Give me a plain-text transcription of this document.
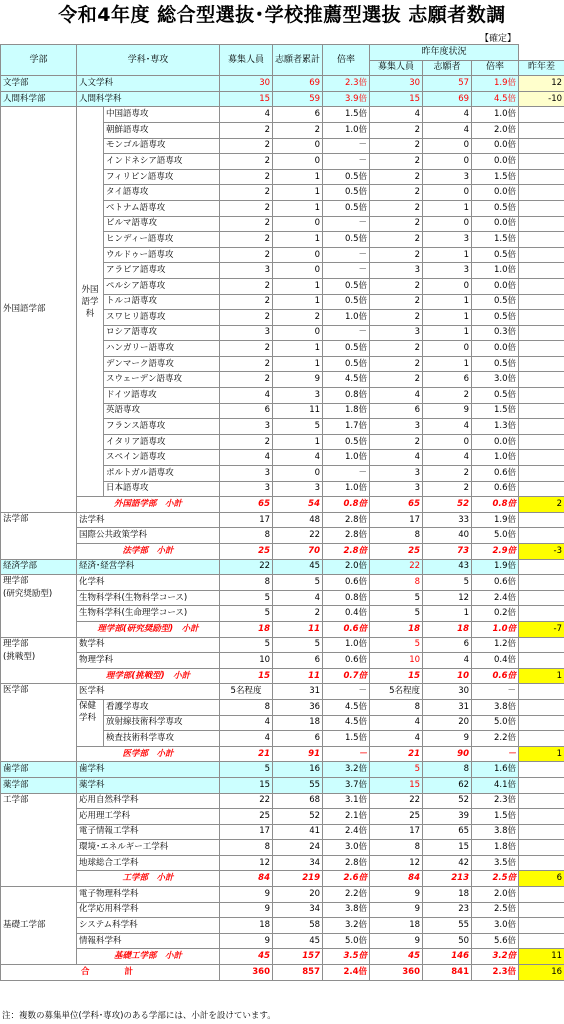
令和4年度 総合型選抜･学校推薦型選抜 志願者数調
【確定】
学部	学科･専攻		募集人員	志願者累計	倍率	昨年度状況			
						募集人員	志願者	倍率	昨年差
文学部	人文学科		30	69	2.3倍	30	57	1.9倍	12
人間科学部	人間科学科		15	59	3.9倍	15	69	4.5倍	-10
外国語学部	外国語学科	中国語専攻	4	6	1.5倍	4	4	1.0倍	
		朝鮮語専攻	2	2	1.0倍	2	4	2.0倍	
		モンゴル語専攻	2	0	－	2	0	0.0倍	
		インドネシア語専攻	2	0	－	2	0	0.0倍	
		フィリピン語専攻	2	1	0.5倍	2	3	1.5倍	
		タイ語専攻	2	1	0.5倍	2	0	0.0倍	
		ベトナム語専攻	2	1	0.5倍	2	1	0.5倍	
		ビルマ語専攻	2	0	－	2	0	0.0倍	
		ヒンディー語専攻	2	1	0.5倍	2	3	1.5倍	
		ウルドゥー語専攻	2	0	－	2	1	0.5倍	
		アラビア語専攻	3	0	－	3	3	1.0倍	
		ペルシア語専攻	2	1	0.5倍	2	0	0.0倍	
		トルコ語専攻	2	1	0.5倍	2	1	0.5倍	
		スワヒリ語専攻	2	2	1.0倍	2	1	0.5倍	
		ロシア語専攻	3	0	－	3	1	0.3倍	
		ハンガリー語専攻	2	1	0.5倍	2	0	0.0倍	
		デンマーク語専攻	2	1	0.5倍	2	1	0.5倍	
		スウェーデン語専攻	2	9	4.5倍	2	6	3.0倍	
		ドイツ語専攻	4	3	0.8倍	4	2	0.5倍	
		英語専攻	6	11	1.8倍	6	9	1.5倍	
		フランス語専攻	3	5	1.7倍	3	4	1.3倍	
		イタリア語専攻	2	1	0.5倍	2	0	0.0倍	
		スペイン語専攻	4	4	1.0倍	4	4	1.0倍	
		ポルトガル語専攻	3	0	－	3	2	0.6倍	
		日本語専攻	3	3	1.0倍	3	2	0.6倍	
	外国語学部　小計		65	54	0.8倍	65	52	0.8倍	2
法学部	法学科		17	48	2.8倍	17	33	1.9倍	
	国際公共政策学科		8	22	2.8倍	8	40	5.0倍	
	法学部　小計		25	70	2.8倍	25	73	2.9倍	-3
経済学部	経済･経営学科		22	45	2.0倍	22	43	1.9倍	
理学部
(研究奨励型)	化学科		8	5	0.6倍	8	5	0.6倍	
	生物科学科(生物科学コース)		5	4	0.8倍	5	12	2.4倍	
	生物科学科(生命理学コース)		5	2	0.4倍	5	1	0.2倍	
	理学部(研究奨励型)　小計		18	11	0.6倍	18	18	1.0倍	-7
理学部
(挑戦型)	数学科		5	5	1.0倍	5	6	1.2倍	
	物理学科		10	6	0.6倍	10	4	0.4倍	
	理学部(挑戦型)　小計		15	11	0.7倍	15	10	0.6倍	1
医学部	医学科		5名程度	31	－	5名程度	30	－	
	保健学科	看護学専攻	8	36	4.5倍	8	31	3.8倍	
		放射線技術科学専攻	4	18	4.5倍	4	20	5.0倍	
		検査技術科学専攻	4	6	1.5倍	4	9	2.2倍	
	医学部　小計		21	91	－	21	90	－	1
歯学部	歯学科		5	16	3.2倍	5	8	1.6倍	
薬学部	薬学科		15	55	3.7倍	15	62	4.1倍	
工学部	応用自然科学科		22	68	3.1倍	22	52	2.3倍	
	応用理工学科		25	52	2.1倍	25	39	1.5倍	
	電子情報工学科		17	41	2.4倍	17	65	3.8倍	
	環境･エネルギー工学科		8	24	3.0倍	8	15	1.8倍	
	地球総合工学科		12	34	2.8倍	12	42	3.5倍	
	工学部　小計		84	219	2.6倍	84	213	2.5倍	6
基礎工学部	電子物理科学科		9	20	2.2倍	9	18	2.0倍	
	化学応用科学科		9	34	3.8倍	9	23	2.5倍	
	システム科学科		18	58	3.2倍	18	55	3.0倍	
	情報科学科		9	45	5.0倍	9	50	5.6倍	
	基礎工学部　小計		45	157	3.5倍	45	146	3.2倍	11
合　　計			360	857	2.4倍	360	841	2.3倍	16
注：複数の募集単位(学科･専攻)のある学部には、小計を設けています。
